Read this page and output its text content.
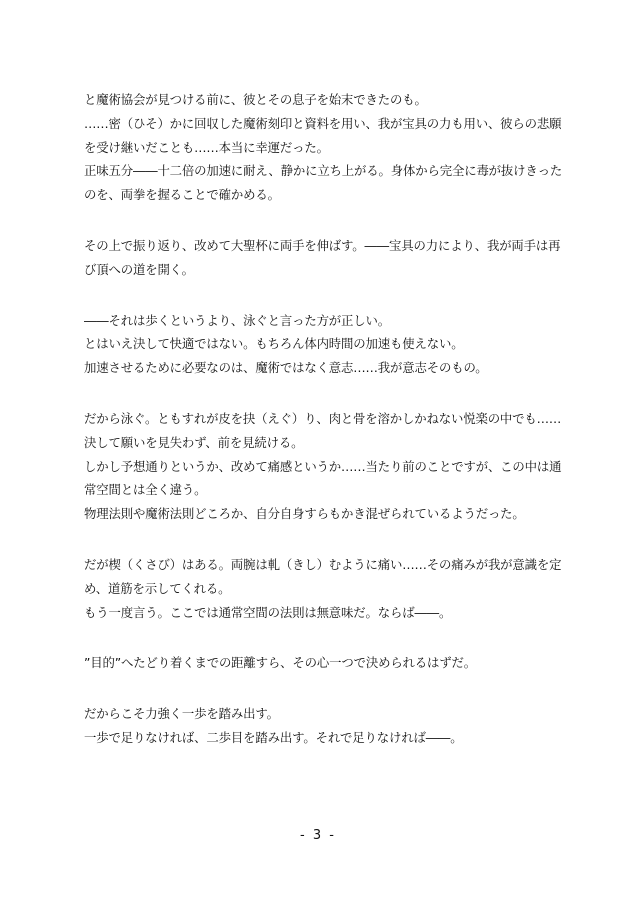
と魔術協会が見つける前に、彼とその息子を始末できたのも。
……密（ひそ）かに回収した魔術刻印と資料を用い、我が宝具の力も用い、彼らの悲願
を受け継いだことも……本当に幸運だった。
正味五分――十二倍の加速に耐え、静かに立ち上がる。身体から完全に毒が抜けきった
のを、両拳を握ることで確かめる。
その上で振り返り、改めて大聖杯に両手を伸ばす。――宝具の力により、我が両手は再
び頂への道を開く。
――それは歩くというより、泳ぐと言った方が正しい。
とはいえ決して快適ではない。もちろん体内時間の加速も使えない。
加速させるために必要なのは、魔術ではなく意志……我が意志そのもの。
だから泳ぐ。ともすれが皮を抉（えぐ）り、肉と骨を溶かしかねない悦楽の中でも……
決して願いを見失わず、前を見続ける。
しかし予想通りというか、改めて痛感というか……当たり前のことですが、この中は通
常空間とは全く違う。
物理法則や魔術法則どころか、自分自身すらもかき混ぜられているようだった。
だが楔（くさび）はある。両腕は軋（きし）むように痛い……その痛みが我が意識を定
め、道筋を示してくれる。
もう一度言う。ここでは通常空間の法則は無意味だ。ならば――。
”目的”へたどり着くまでの距離すら、その心一つで決められるはずだ。
だからこそ力強く一歩を踏み出す。
一歩で足りなければ、二歩目を踏み出す。それで足りなければ――。
- 3 -
